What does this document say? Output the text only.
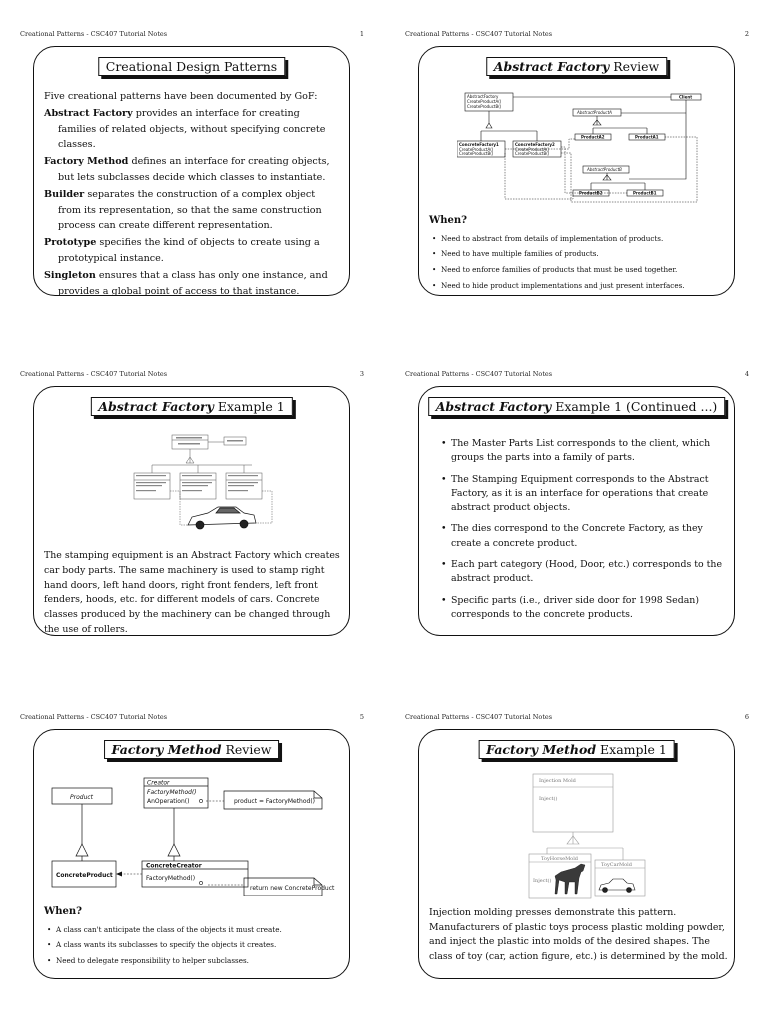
Creational Patterns - CSC407 Tutorial Notes	1
Creational Design Patterns
Five creational patterns have been documented by GoF:
Abstract Factory provides an interface for creating families of related objects, without specifying concrete classes.
Factory Method defines an interface for creating objects, but lets subclasses decide which classes to instantiate.
Builder separates the construction of a complex object from its representation, so that the same construction process can create different representation.
Prototype specifies the kind of objects to create using a prototypical instance.
Singleton ensures that a class has only one instance, and provides a global point of access to that instance.
Creational Patterns - CSC407 Tutorial Notes	2
Abstract Factory Review
AbstractFactory
CreateProductA()
CreateProductB()
Client
AbstractProductA
ConcreteFactory1
CreateProductA()
CreateProductB()
ConcreteFactory2
CreateProductA()
CreateProductB()
ProductA2	ProductA1
AbstractProductB
ProductB2	ProductB1
When?
• Need to abstract from details of implementation of products.
• Need to have multiple families of products.
• Need to enforce families of products that must be used together.
• Need to hide product implementations and just present interfaces.
Creational Patterns - CSC407 Tutorial Notes	3
Abstract Factory Example 1
The stamping equipment is an Abstract Factory which creates car body parts. The same machinery is used to stamp right hand doors, left hand doors, right front fenders, left front fenders, hoods, etc. for different models of cars. Concrete classes produced by the machinery can be changed through the use of rollers.
Creational Patterns - CSC407 Tutorial Notes	4
Abstract Factory Example 1 (Continued ...)
• The Master Parts List corresponds to the client, which groups the parts into a family of parts.
• The Stamping Equipment corresponds to the Abstract Factory, as it is an interface for operations that create abstract product objects.
• The dies correspond to the Concrete Factory, as they create a concrete product.
• Each part category (Hood, Door, etc.) corresponds to the abstract product.
• Specific parts (i.e., driver side door for 1998 Sedan) corresponds to the concrete products.
Creational Patterns - CSC407 Tutorial Notes	5
Factory Method Review
Product
Creator
FactoryMethod()
AnOperation()	product = FactoryMethod()
ConcreteProduct
ConcreteCreator
FactoryMethod()
return new ConcreteProduct
When?
• A class can't anticipate the class of the objects it must create.
• A class wants its subclasses to specify the objects it creates.
• Need to delegate responsibility to helper subclasses.
Creational Patterns - CSC407 Tutorial Notes	6
Factory Method Example 1
Injection Mold
Inject()
ToyHorseMold
ToyCarMold
Inject()
Injection molding presses demonstrate this pattern. Manufacturers of plastic toys process plastic molding powder, and inject the plastic into molds of the desired shapes. The class of toy (car, action figure, etc.) is determined by the mold.
